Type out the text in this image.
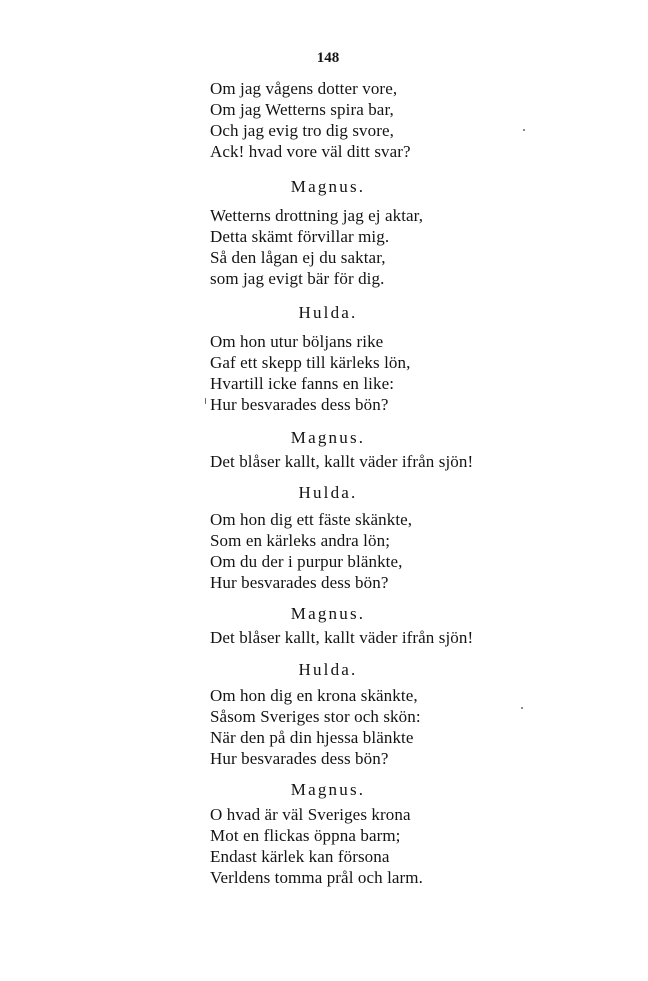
148
Om jag vågens dotter vore,
Om jag Wetterns spira bar,
Och jag evig tro dig svore,
Ack! hvad vore väl ditt svar?
Magnus.
Wetterns drottning jag ej aktar,
Detta skämt förvillar mig.
Så den lågan ej du saktar,
som jag evigt bär för dig.
Hulda.
Om hon utur böljans rike
Gaf ett skepp till kärleks lön,
Hvartill icke fanns en like:
Hur besvarades dess bön?
Magnus.
Det blåser kallt, kallt väder ifrån sjön!
Hulda.
Om hon dig ett fäste skänkte,
Som en kärleks andra lön;
Om du der i purpur blänkte,
Hur besvarades dess bön?
Magnus.
Det blåser kallt, kallt väder ifrån sjön!
Hulda.
Om hon dig en krona skänkte,
Såsom Sveriges stor och skön:
När den på din hjessa blänkte
Hur besvarades dess bön?
Magnus.
O hvad är väl Sveriges krona
Mot en flickas öppna barm;
Endast kärlek kan försona
Verldens tomma prål och larm.
